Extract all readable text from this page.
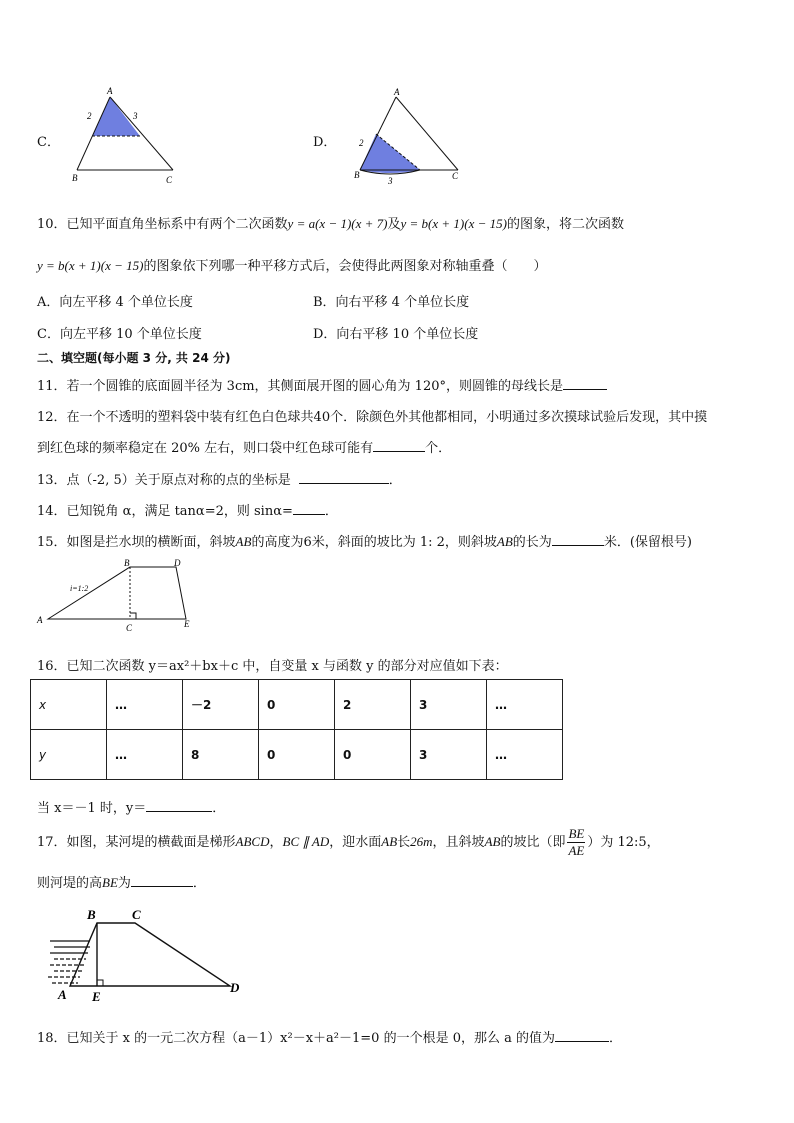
C．
A
2	3
B	C
D．
A
2
B
3	C
10．已知平面直角坐标系中有两个二次函数y = a(x − 1)(x + 7)及y = b(x + 1)(x − 15)的图象，将二次函数
y = b(x + 1)(x − 15)的图象依下列哪一种平移方式后，会使得此两图象对称轴重叠（　　）
A．向左平移 4 个单位长度	B．向右平移 4 个单位长度
C．向左平移 10 个单位长度	D．向右平移 10 个单位长度
二、填空题(每小题 3 分, 共 24 分)
11．若一个圆锥的底面圆半径为 3cm，其侧面展开图的圆心角为 120°，则圆锥的母线长是
12．在一个不透明的塑料袋中装有红色白色球共40个．除颜色外其他都相同，小明通过多次摸球试验后发现，其中摸
到红色球的频率稳定在 20% 左右，则口袋中红色球可能有	个．
13．点（-2, 5）关于原点对称的点的坐标是	．
14．已知锐角 α，满足 tanα=2，则 sinα= ．
15．如图是拦水坝的横断面，斜坡AB的高度为6米，斜面的坡比为 1: 2，则斜坡AB的长为	米．(保留根号)
i=1:2
A
B
C
D
E
16．已知二次函数 y＝ax²＋bx＋c 中，自变量 x 与函数 y 的部分对应值如下表：
x	…	－2	0	2	3	…
y	…	8	0	0	3	…
当 x＝－1 时，y＝	．
17．如图，某河堤的横截面是梯形ABCD，BC ∥ AD，迎水面AB长26m，且斜坡AB的坡比（即 $\frac{BE}{AE}$ ）为 12:5，
则河堤的高BE为	．
B	C
A E
D
18．已知关于 x 的一元二次方程（a－1）x²－x＋a²－1=0 的一个根是 0，那么 a 的值为	．
